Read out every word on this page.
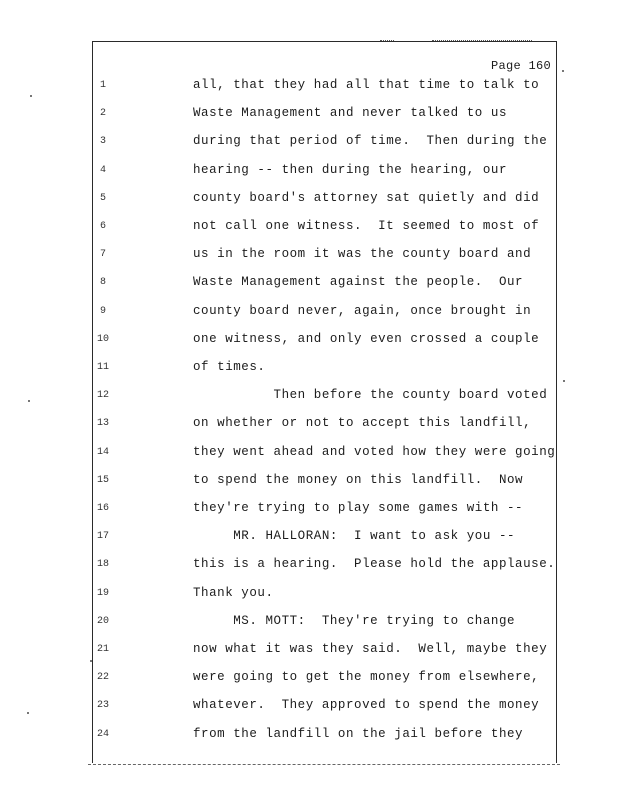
Page 160
1	all, that they had all that time to talk to
2	Waste Management and never talked to us
3	during that period of time.  Then during the
4	hearing -- then during the hearing, our
5	county board's attorney sat quietly and did
6	not call one witness.  It seemed to most of
7	us in the room it was the county board and
8	Waste Management against the people.  Our
9	county board never, again, once brought in
10	one witness, and only even crossed a couple
11	of times.
12	Then before the county board voted
13	on whether or not to accept this landfill,
14	they went ahead and voted how they were going
15	to spend the money on this landfill.  Now
16	they're trying to play some games with --
17	MR. HALLORAN:  I want to ask you --
18	this is a hearing.  Please hold the applause.
19	Thank you.
20	MS. MOTT:  They're trying to change
21	now what it was they said.  Well, maybe they
22	were going to get the money from elsewhere,
23	whatever.  They approved to spend the money
24	from the landfill on the jail before they
